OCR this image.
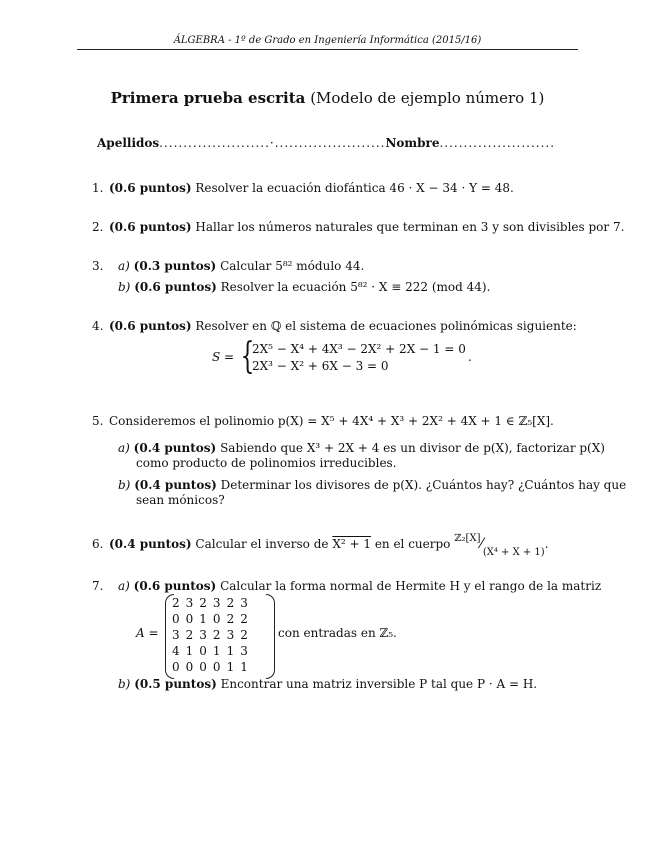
ÁLGEBRA - 1º de Grado en Ingeniería Informática (2015/16)
Primera prueba escrita (Modelo de ejemplo número 1)
Apellidos.......................·.......................Nombre........................
1. (0.6 puntos) Resolver la ecuación diofántica 46 · X − 34 · Y = 48.
2. (0.6 puntos) Hallar los números naturales que terminan en 3 y son divisibles por 7.
3. a) (0.3 puntos) Calcular 5⁸² módulo 44.
b) (0.6 puntos) Resolver la ecuación 5⁸² · X ≡ 222 (mod 44).
4. (0.6 puntos) Resolver en ℚ el sistema de ecuaciones polinómicas siguiente:
S = {
2X⁵ − X⁴ + 4X³ − 2X² + 2X − 1 = 0
2X³ − X² + 6X − 3 = 0
.
5. Consideremos el polinomio p(X) = X⁵ + 4X⁴ + X³ + 2X² + 4X + 1 ∈ ℤ₅[X].
a) (0.4 puntos) Sabiendo que X³ + 2X + 4 es un divisor de p(X), factorizar p(X)
como producto de polinomios irreducibles.
b) (0.4 puntos) Determinar los divisores de p(X). ¿Cuántos hay? ¿Cuántos hay que
sean mónicos?
6. (0.4 puntos) Calcular el inverso de X² + 1 en el cuerpo $^{ℤ_2[X]}⁄_{(X^4 + X + 1)}$.
7. a) (0.6 puntos) Calcular la forma normal de Hermite H y el rango de la matriz
A =
2	3	2	3	2	3
0	0	1	0	2	2
3	2	3	2	3	2
4	1	0	1	1	3
0	0	0	0	1	1
con entradas en ℤ₅.
b) (0.5 puntos) Encontrar una matriz inversible P tal que P · A = H.
